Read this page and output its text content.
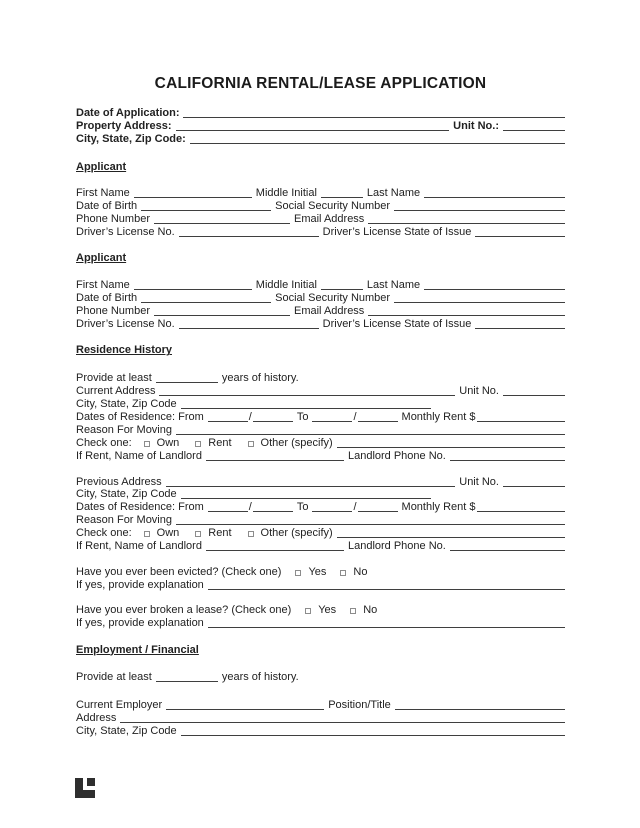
CALIFORNIA RENTAL/LEASE APPLICATION
Date of Application:
Property Address:	Unit No.:
City, State, Zip Code:
Applicant
First Name	Middle Initial	Last Name
Date of Birth	Social Security Number
Phone Number	Email Address
Driver’s License No.	Driver’s License State of Issue
Applicant
First Name	Middle Initial	Last Name
Date of Birth	Social Security Number
Phone Number	Email Address
Driver’s License No.	Driver’s License State of Issue
Residence History
Provide at least	years of history.
Current Address	Unit No.
City, State, Zip Code
Dates of Residence: From	/	To	/	Monthly Rent $
Reason For Moving
Check one: Own	Rent	Other (specify)
If Rent, Name of Landlord	Landlord Phone No.
Previous Address	Unit No.
City, State, Zip Code
Dates of Residence: From	/	To	/	Monthly Rent $
Reason For Moving
Check one: Own	Rent	Other (specify)
If Rent, Name of Landlord	Landlord Phone No.
Have you ever been evicted? (Check one) Yes No
If yes, provide explanation
Have you ever broken a lease? (Check one) Yes No
If yes, provide explanation
Employment / Financial
Provide at least	years of history.
Current Employer	Position/Title
Address
City, State, Zip Code
